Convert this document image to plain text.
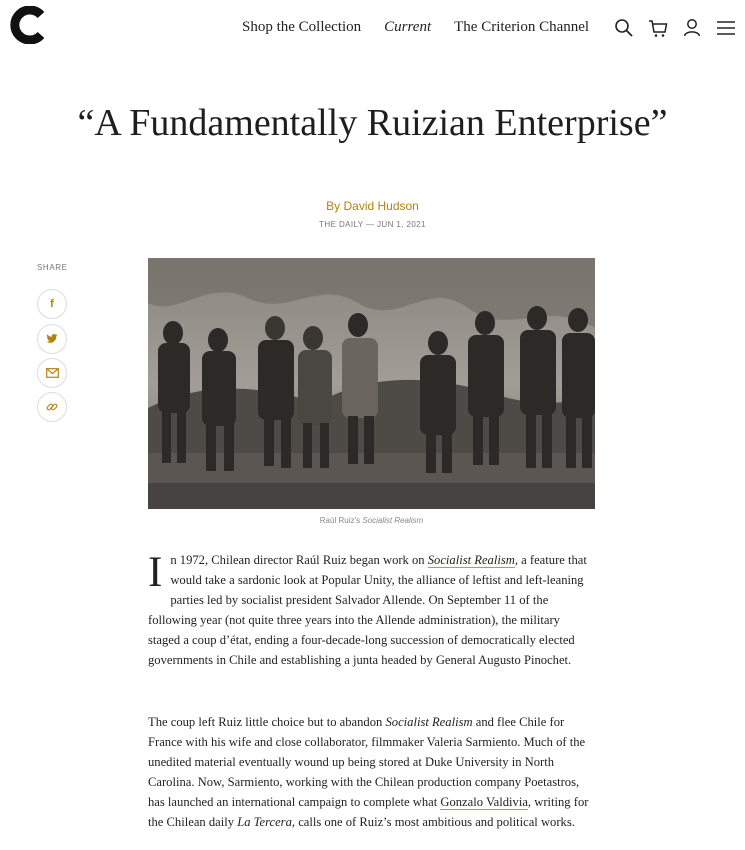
Shop the Collection Current The Criterion Channel
“A Fundamentally Ruizian Enterprise”
By David Hudson
THE DAILY — JUN 1, 2021
SHARE
f
Raúl Ruiz’s Socialist Realism

In 1972, Chilean director Raúl Ruiz began work on Socialist Realism, a feature that would take a sardonic look at Popular Unity, the alliance of leftist and left-leaning parties led by socialist president Salvador Allende. On September 11 of the following year (not quite three years into the Allende administration), the military staged a coup d’état, ending a four-decade-long succession of democratically elected governments in Chile and establishing a junta headed by General Augusto Pinochet.

The coup left Ruiz little choice but to abandon Socialist Realism and flee Chile for France with his wife and close collaborator, filmmaker Valeria Sarmiento. Much of the unedited material eventually wound up being stored at Duke University in North Carolina. Now, Sarmiento, working with the Chilean production company Poetastros, has launched an international campaign to complete what Gonzalo Valdivia, writing for the Chilean daily La Tercera, calls one of Ruiz’s most ambitious and political works.
